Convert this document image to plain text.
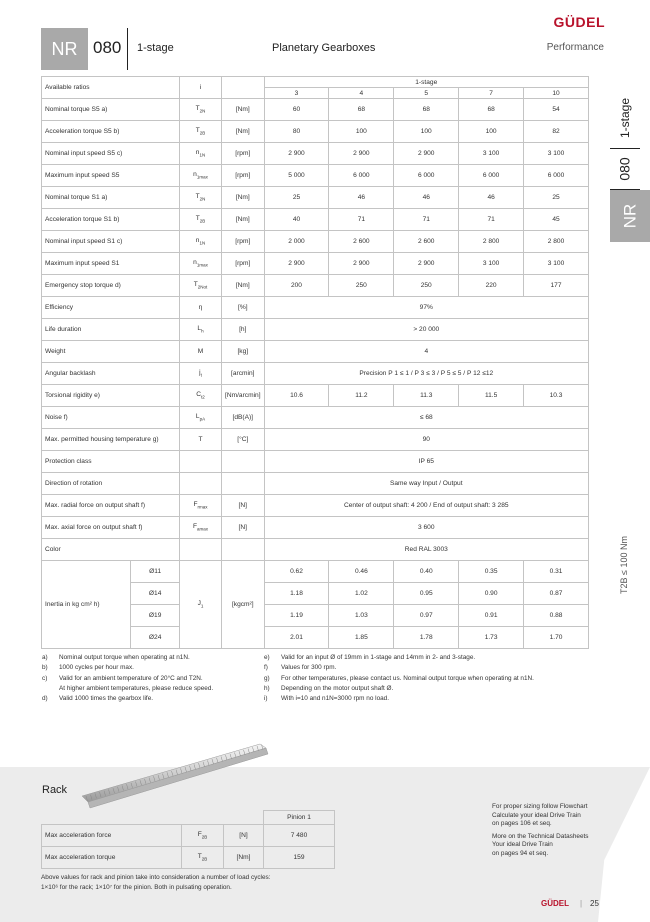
NR 080 1-stage	Planetary Gearboxes
GÜDEL
Performance
1-stage
080
NR
T2B ≤ 100 Nm
Available ratios		i		1-stage				
				3	4	5	7	10
Nominal torque S5 a)		$T_{2N}$	[Nm]	60	68	68	68	54
Acceleration torque S5 b)		$T_{2B}$	[Nm]	80	100	100	100	82
Nominal input speed S5 c)		$n_{1N}$	[rpm]	2 900	2 900	2 900	3 100	3 100
Maximum input speed S5		$n_{1max}$	[rpm]	5 000	6 000	6 000	6 000	6 000
Nominal torque S1 a)		$T_{2N}$	[Nm]	25	46	46	46	25
Acceleration torque S1 b)		$T_{2B}$	[Nm]	40	71	71	71	45
Nominal input speed S1 c)		$n_{1N}$	[rpm]	2 000	2 600	2 600	2 800	2 800
Maximum input speed S1		$n_{1max}$	[rpm]	2 900	2 900	2 900	3 100	3 100
Emergency stop torque d)		$T_{2Not}$	[Nm]	200	250	250	220	177
Efficiency		η	[%]	97%				
Life duration		$L_h$	[h]	> 20 000				
Weight		M	[kg]	4				
Angular backlash		$j_t$	[arcmin]	Precision P 1 ≤ 1 / P 3 ≤ 3 / P 5 ≤ 5 / P 12 ≤12				
Torsional rigidity e)		$C_{t2}$	[Nm/arcmin]	10.6	11.2	11.3	11.5	10.3
Noise f)		$L_{pA}$	[dB(A)]	≤ 68				
Max. permitted housing temperature g)		T	[°C]	90				
Protection class				IP 65				
Direction of rotation				Same way Input / Output				
Max. radial force on output shaft f)		$F_{rmax}$	[N]	Center of output shaft: 4 200 / End of output shaft: 3 285				
Max. axial force on output shaft f)		$F_{amax}$	[N]	3 600				
Color				Red RAL 3003				
Inertia in kg cm² h)	Ø11	$J_1$	[kgcm²]	0.62	0.46	0.40	0.35	0.31
	Ø14			1.18	1.02	0.95	0.90	0.87
	Ø19			1.19	1.03	0.97	0.91	0.88
	Ø24			2.01	1.85	1.78	1.73	1.70
a) Nominal output torque when operating at n1N.
b) 1000 cycles per hour max.
c) Valid for an ambient temperature of 20°C and T2N.
At higher ambient temperatures, please reduce speed.
d) Valid 1000 times the gearbox life.
e) Valid for an input Ø of 19mm in 1-stage and 14mm in 2- and 3-stage.
f) Values for 300 rpm.
g) For other temperatures, please contact us. Nominal output torque when operating at n1N.
h) Depending on the motor output shaft Ø.
i) With i=10 and n1N=3000 rpm no load.
Rack
			Pinion 1
Max acceleration force	$F_{2B}$	[N]	7 480
Max acceleration torque	$T_{2B}$	[Nm]	159
Above values for rack and pinion take into consideration a number of load cycles:
1×10⁶ for the rack; 1×10⁷ for the pinion. Both in pulsating operation.

For proper sizing follow Flowchart
Calculate your ideal Drive Train
on pages 106 et seq.

More on the Technical Datasheets
Your ideal Drive Train
on pages 94 et seq.

GÜDEL | 25
